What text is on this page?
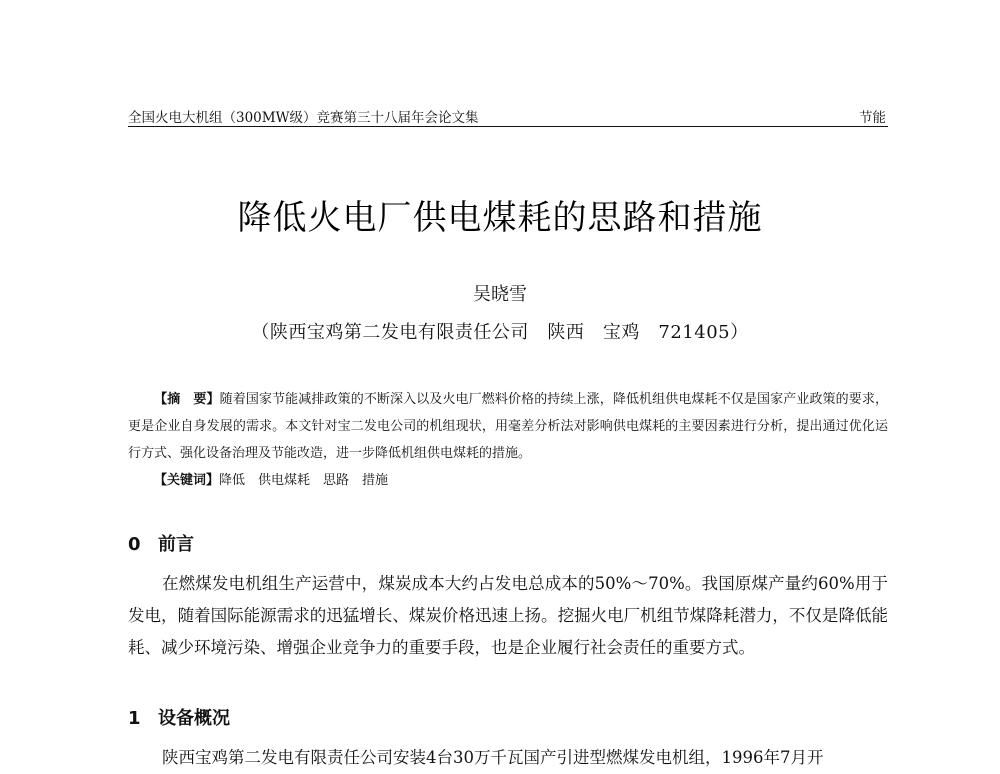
全国火电大机组（300MW级）竞赛第三十八届年会论文集	节能
降低火电厂供电煤耗的思路和措施
吴晓雪
（陕西宝鸡第二发电有限责任公司　陕西　宝鸡　721405）

【摘　要】随着国家节能减排政策的不断深入以及火电厂燃料价格的持续上涨，降低机组供电煤耗不仅是国家产业政策的要求，更是企业自身发展的需求。本文针对宝二发电公司的机组现状，用毫差分析法对影响供电煤耗的主要因素进行分析，提出通过优化运行方式、强化设备治理及节能改造，进一步降低机组供电煤耗的措施。

【关键词】降低　供电煤耗　思路　措施

0 前言

在燃煤发电机组生产运营中，煤炭成本大约占发电总成本的50%～70%。我国原煤产量约60%用于发电，随着国际能源需求的迅猛增长、煤炭价格迅速上扬。挖掘火电厂机组节煤降耗潜力，不仅是降低能耗、减少环境污染、增强企业竞争力的重要手段，也是企业履行社会责任的重要方式。

1 设备概况

陕西宝鸡第二发电有限责任公司安装4台30万千瓦国产引进型燃煤发电机组，1996年7月开
